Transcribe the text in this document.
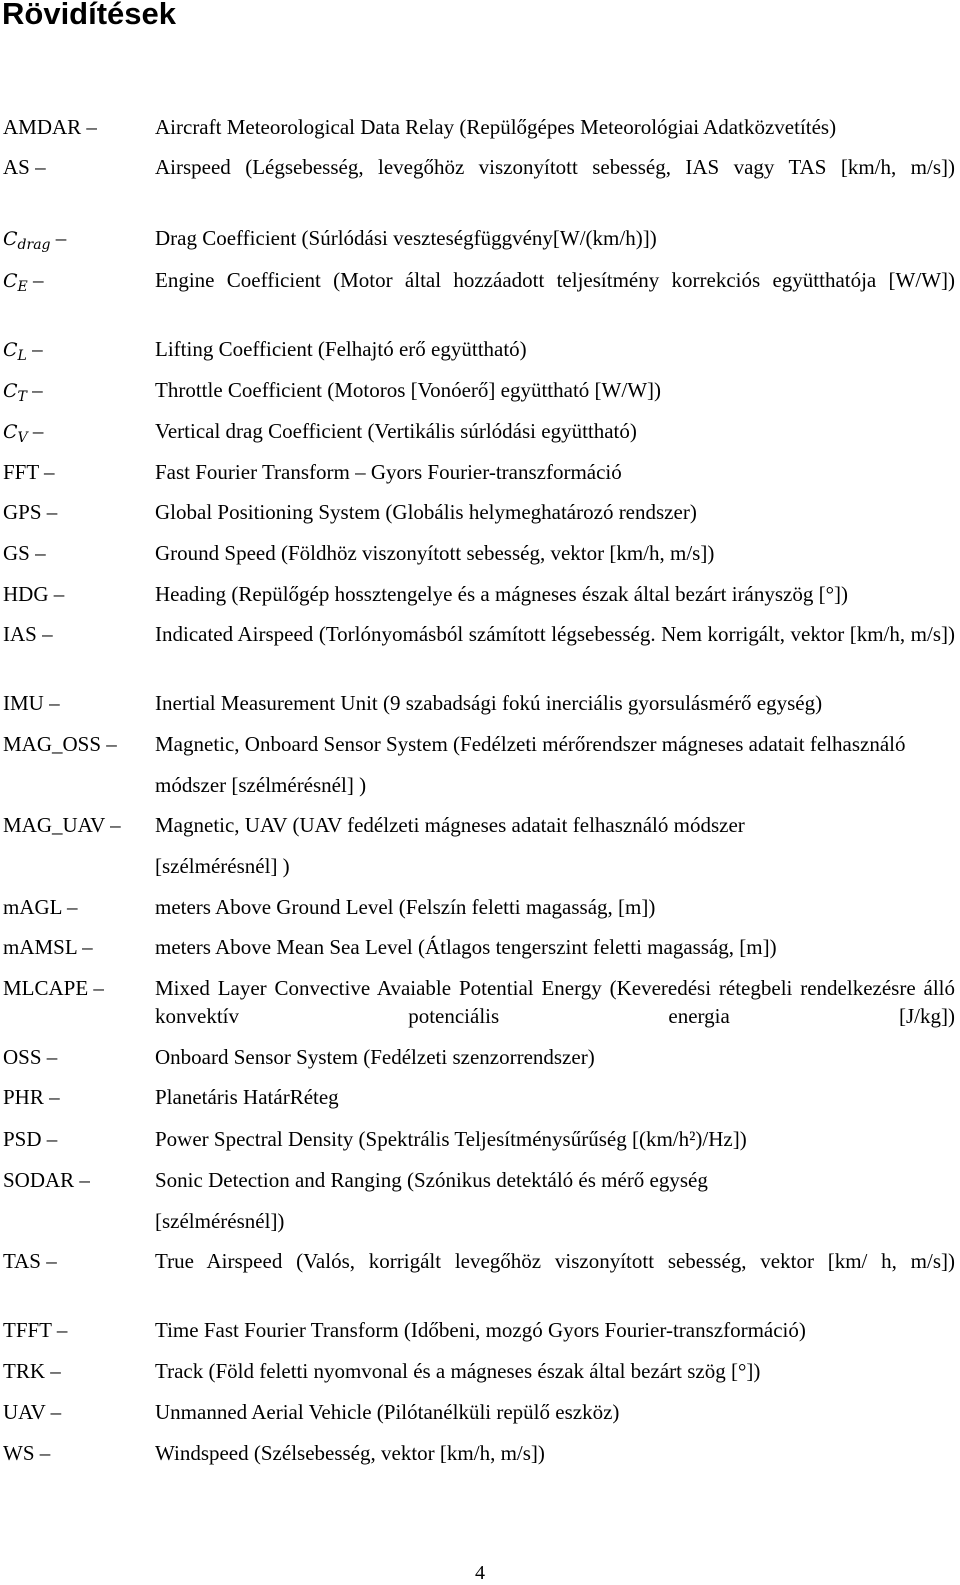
Rövidítések
AMDAR –	Aircraft Meteorological Data Relay (Repülőgépes Meteorológiai Adatközvetítés)
AS –	Airspeed (Légsebesség, levegőhöz viszonyított sebesség, IAS vagy TAS [km/h, m/s])
$C_{drag}$ –	Drag Coefficient (Súrlódási veszteségfüggvény[W/(km/h)])
$C_E$ –	Engine Coefficient (Motor által hozzáadott teljesítmény korrekciós együtthatója [W/W])
$C_L$ –	Lifting Coefficient (Felhajtó erő együttható)
$C_T$ –	Throttle Coefficient (Motoros [Vonóerő] együttható [W/W])
$C_V$ –	Vertical drag Coefficient (Vertikális súrlódási együttható)
FFT –	Fast Fourier Transform – Gyors Fourier-transzformáció
GPS –	Global Positioning System (Globális helymeghatározó rendszer)
GS –	Ground Speed (Földhöz viszonyított sebesség, vektor [km/h, m/s])
HDG –	Heading (Repülőgép hossztengelye és a mágneses észak által bezárt irányszög [°])
IAS –	Indicated Airspeed (Torlónyomásból számított légsebesség. Nem korrigált, vektor [km/h, m/s])
IMU –	Inertial Measurement Unit (9 szabadsági fokú inerciális gyorsulásmérő egység)
MAG_OSS – Magnetic, Onboard Sensor System (Fedélzeti mérőrendszer mágneses adatait felhasználó módszer [szélmérésnél] )
MAG_UAV – Magnetic, UAV (UAV fedélzeti mágneses adatait felhasználó módszer [szélmérésnél] )
mAGL –	meters Above Ground Level (Felszín feletti magasság, [m])
mAMSL –	meters Above Mean Sea Level (Átlagos tengerszint feletti magasság, [m])
MLCAPE – Mixed Layer Convective Avaiable Potential Energy (Keveredési rétegbeli rendelkezésre álló konvektív potenciális energia [J/kg])
OSS –	Onboard Sensor System (Fedélzeti szenzorrendszer)
PHR –	Planetáris HatárRéteg
PSD –	Power Spectral Density (Spektrális Teljesítménysűrűség [(km/h²)/Hz])
SODAR –	Sonic Detection and Ranging (Szónikus detektáló és mérő egység [szélmérésnél])
TAS –	True Airspeed (Valós, korrigált levegőhöz viszonyított sebesség, vektor [km/ h, m/s])
TFFT –	Time Fast Fourier Transform (Időbeni, mozgó Gyors Fourier-transzformáció)
TRK –	Track (Föld feletti nyomvonal és a mágneses észak által bezárt szög [°])
UAV –	Unmanned Aerial Vehicle (Pilótanélküli repülő eszköz)
WS –	Windspeed (Szélsebesség, vektor [km/h, m/s])
4
